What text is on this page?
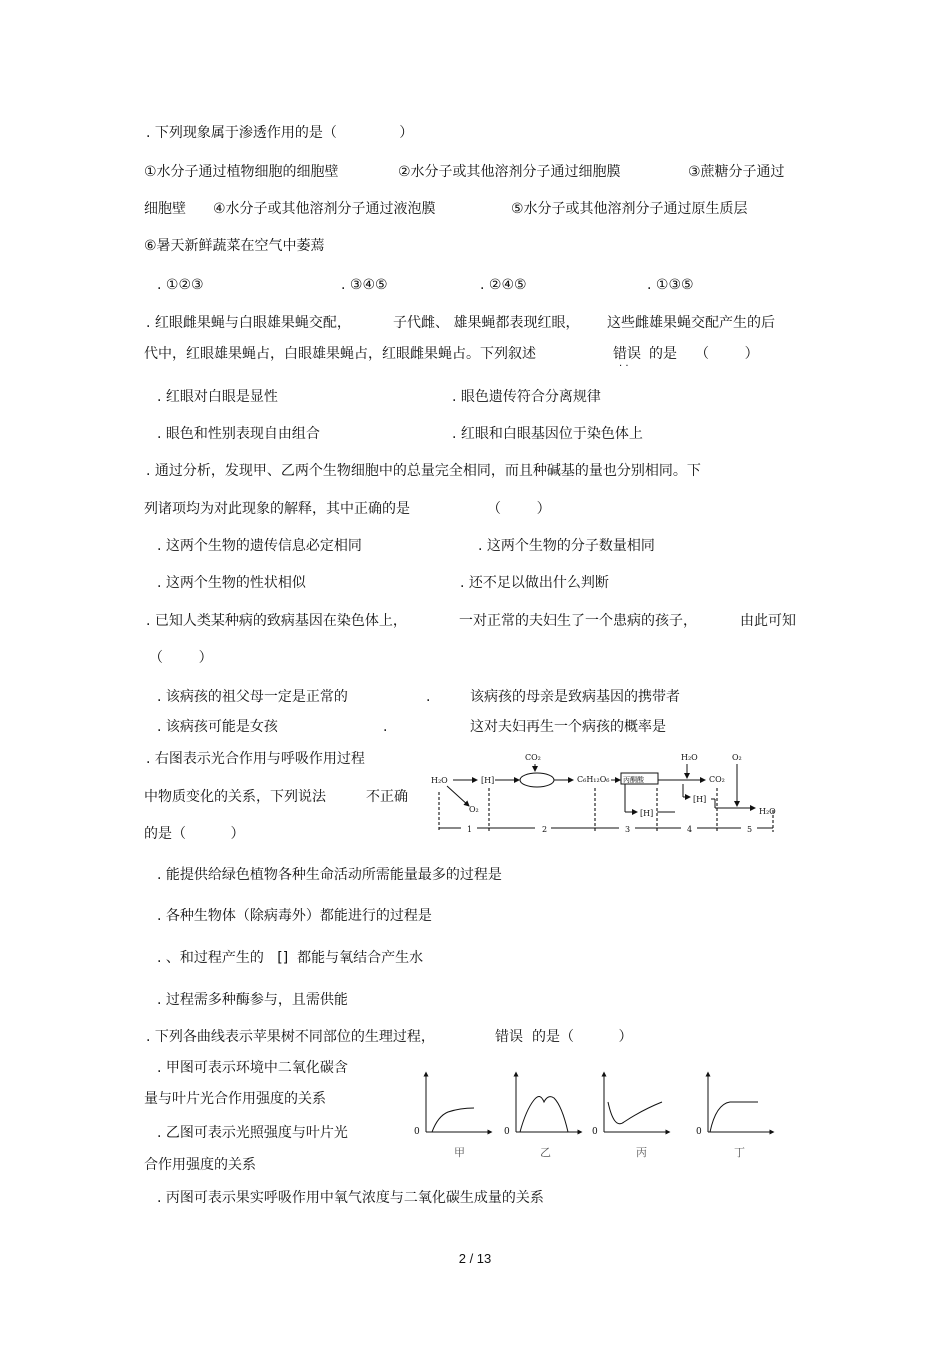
. 下列现象属于渗透作用的是（              ）
①水分子通过植物细胞的细胞壁	②水分子或其他溶剂分子通过细胞膜	③蔗糖分子通过
细胞壁 ④水分子或其他溶剂分子通过液泡膜	⑤水分子或其他溶剂分子通过原生质层
⑥暑天新鲜蔬菜在空气中萎蔫
. ①②③	. ③④⑤	. ②④⑤	. ①③⑤
. 红眼雌果蝇与白眼雄果蝇交配，	子代雌、 雄果蝇都表现红眼， 这些雌雄果蝇交配产生的后
代中，红眼雄果蝇占，白眼雄果蝇占，红眼雌果蝇占。下列叙述	错误
· ·
的是 （        ）
. 红眼对白眼是显性	. 眼色遗传符合分离规律
. 眼色和性别表现自由组合	. 红眼和白眼基因位于染色体上
. 通过分析，发现甲、乙两个生物细胞中的总量完全相同，而且种碱基的量也分别相同。下
列诸项均为对此现象的解释，其中正确的是	（        ）
. 这两个生物的遗传信息必定相同	. 这两个生物的分子数量相同
. 这两个生物的性状相似	. 还不足以做出什么判断
. 已知人类某种病的致病基因在染色体上，	一对正常的夫妇生了一个患病的孩子，	由此可知
（        ）
. 该病孩的祖父母一定是正常的	.	该病孩的母亲是致病基因的携带者
. 该病孩可能是女孩	.	这对夫妇再生一个病孩的概率是
. 右图表示光合作用与呼吸作用过程
中物质变化的关系，下列说法	不正确
的是（          ）
H₂O	[H]
O₂
CO₂
C₆H₁₂O₆ 丙酮酸
H₂O	O₂
CO₂
[H]
[H]	H₂O
1	2	3	4	5
. 能提供给绿色植物各种生命活动所需能量最多的过程是
. 各种生物体（除病毒外）都能进行的过程是
. 、和过程产生的   []  都能与氧结合产生水
. 过程需多种酶参与，且需供能
. 下列各曲线表示苹果树不同部位的生理过程，	错误 的是（          ）
. 甲图可表示环境中二氧化碳含
量与叶片光合作用强度的关系
. 乙图可表示光照强度与叶片光
合作用强度的关系
. 丙图可表示果实呼吸作用中氧气浓度与二氧化碳生成量的关系
0	0	0	0
甲	乙	丙	丁
2 / 13
